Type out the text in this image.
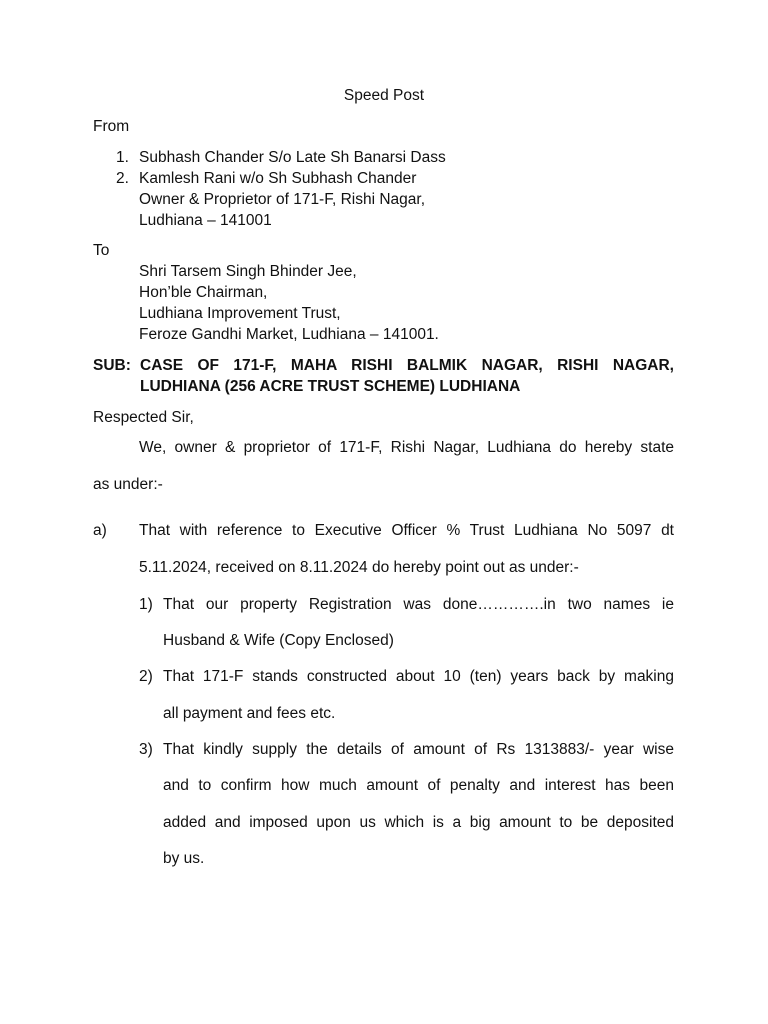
Speed Post
From
1. Subhash Chander S/o Late Sh Banarsi Dass
2. Kamlesh Rani w/o Sh Subhash Chander
Owner & Proprietor of 171-F, Rishi Nagar,
Ludhiana – 141001
To
Shri Tarsem Singh Bhinder Jee,
Hon’ble Chairman,
Ludhiana Improvement Trust,
Feroze Gandhi Market, Ludhiana – 141001.
SUB: CASE OF 171-F, MAHA RISHI BALMIK NAGAR, RISHI NAGAR,
LUDHIANA (256 ACRE TRUST SCHEME) LUDHIANA
Respected Sir,
We, owner & proprietor of 171-F, Rishi Nagar, Ludhiana do hereby state
as under:-
a) That with reference to Executive Officer % Trust Ludhiana No 5097 dt
5.11.2024, received on 8.11.2024 do hereby point out as under:-
1) That our property Registration was done………….in two names ie
Husband & Wife (Copy Enclosed)
2) That 171-F stands constructed about 10 (ten) years back by making
all payment and fees etc.
3) That kindly supply the details of amount of Rs 1313883/- year wise
and to confirm how much amount of penalty and interest has been
added and imposed upon us which is a big amount to be deposited
by us.
